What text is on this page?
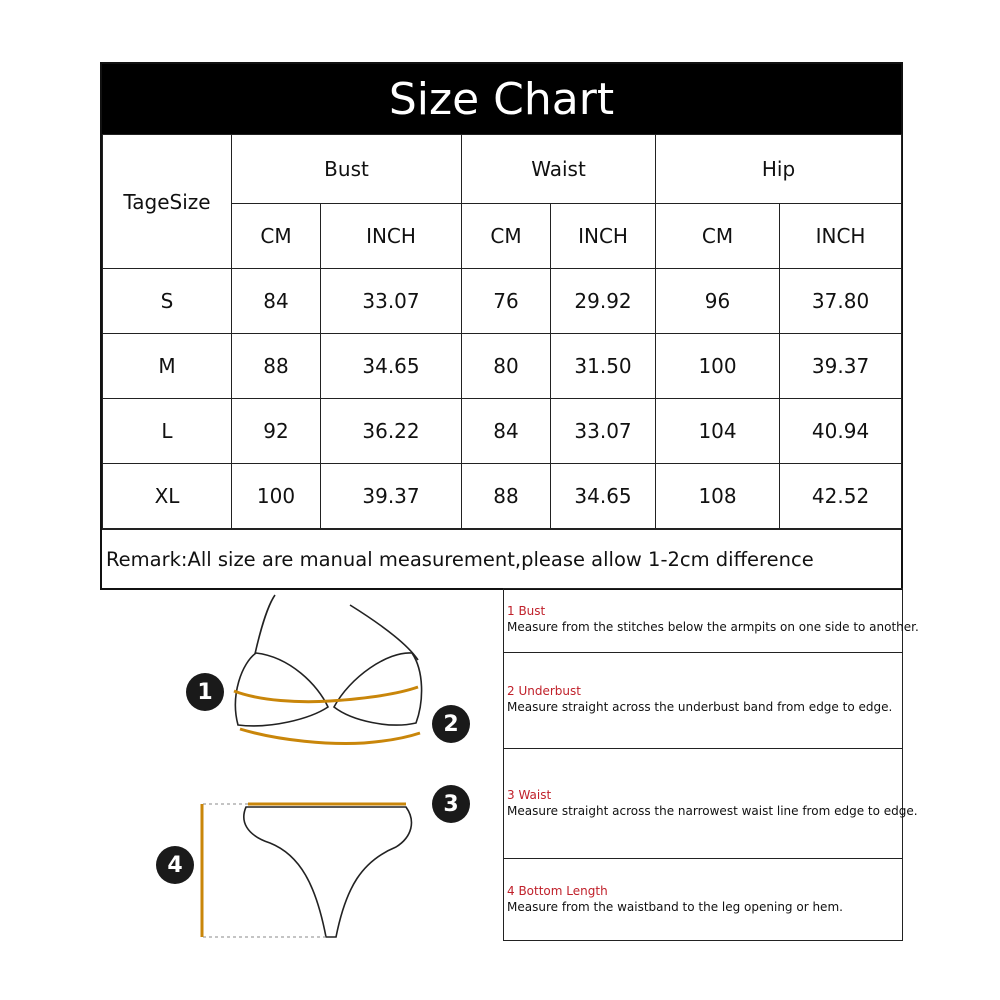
Size Chart
TageSize	Bust		Waist		Hip	
	CM	INCH	CM	INCH	CM	INCH
S	84	33.07	76	29.92	96	37.80
M	88	34.65	80	31.50	100	39.37
L	92	36.22	84	33.07	104	40.94
XL	100	39.37	88	34.65	108	42.52
Remark:All size are manual measurement,please allow 1-2cm difference
1
2
3
4
1 Bust
Measure from the stitches below the armpits on one side to another.
2 Underbust
Measure straight across the underbust band from edge to edge.
3 Waist
Measure straight across the narrowest waist line from edge to edge.
4 Bottom Length
Measure from the waistband to the leg opening or hem.
